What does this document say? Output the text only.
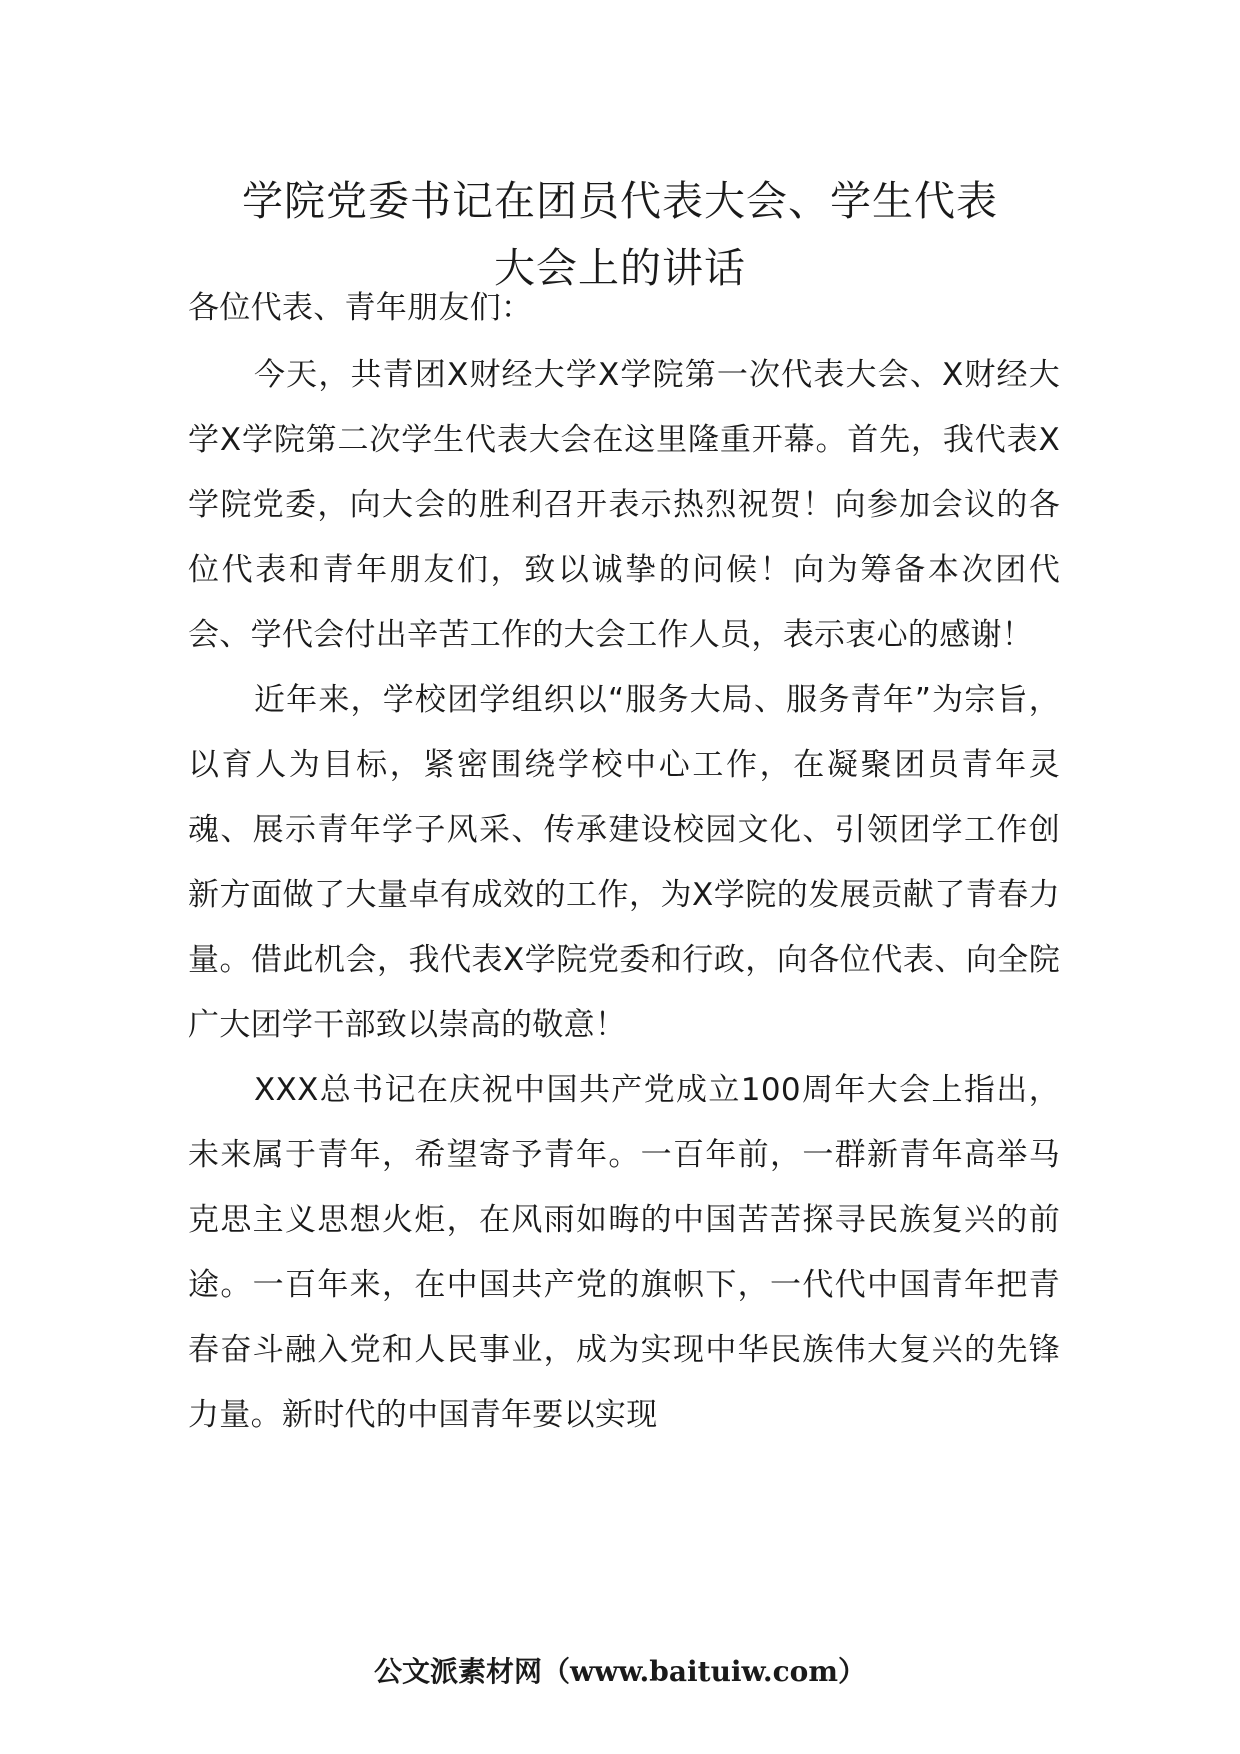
学院党委书记在团员代表大会、学生代表
大会上的讲话

各位代表、青年朋友们：

今天，共青团X财经大学X学院第一次代表大会、X财经大学X学院第二次学生代表大会在这里隆重开幕。首先，我代表X学院党委，向大会的胜利召开表示热烈祝贺！向参加会议的各位代表和青年朋友们，致以诚挚的问候！向为筹备本次团代会、学代会付出辛苦工作的大会工作人员，表示衷心的感谢！

近年来，学校团学组织以“服务大局、服务青年”为宗旨，以育人为目标，紧密围绕学校中心工作，在凝聚团员青年灵魂、展示青年学子风采、传承建设校园文化、引领团学工作创新方面做了大量卓有成效的工作，为X学院的发展贡献了青春力量。借此机会，我代表X学院党委和行政，向各位代表、向全院广大团学干部致以崇高的敬意！

XXX总书记在庆祝中国共产党成立100周年大会上指出，未来属于青年，希望寄予青年。一百年前，一群新青年高举马克思主义思想火炬，在风雨如晦的中国苦苦探寻民族复兴的前途。一百年来，在中国共产党的旗帜下，一代代中国青年把青春奋斗融入党和人民事业，成为实现中华民族伟大复兴的先锋力量。新时代的中国青年要以实现

公文派素材网（www.baituiw.com）
